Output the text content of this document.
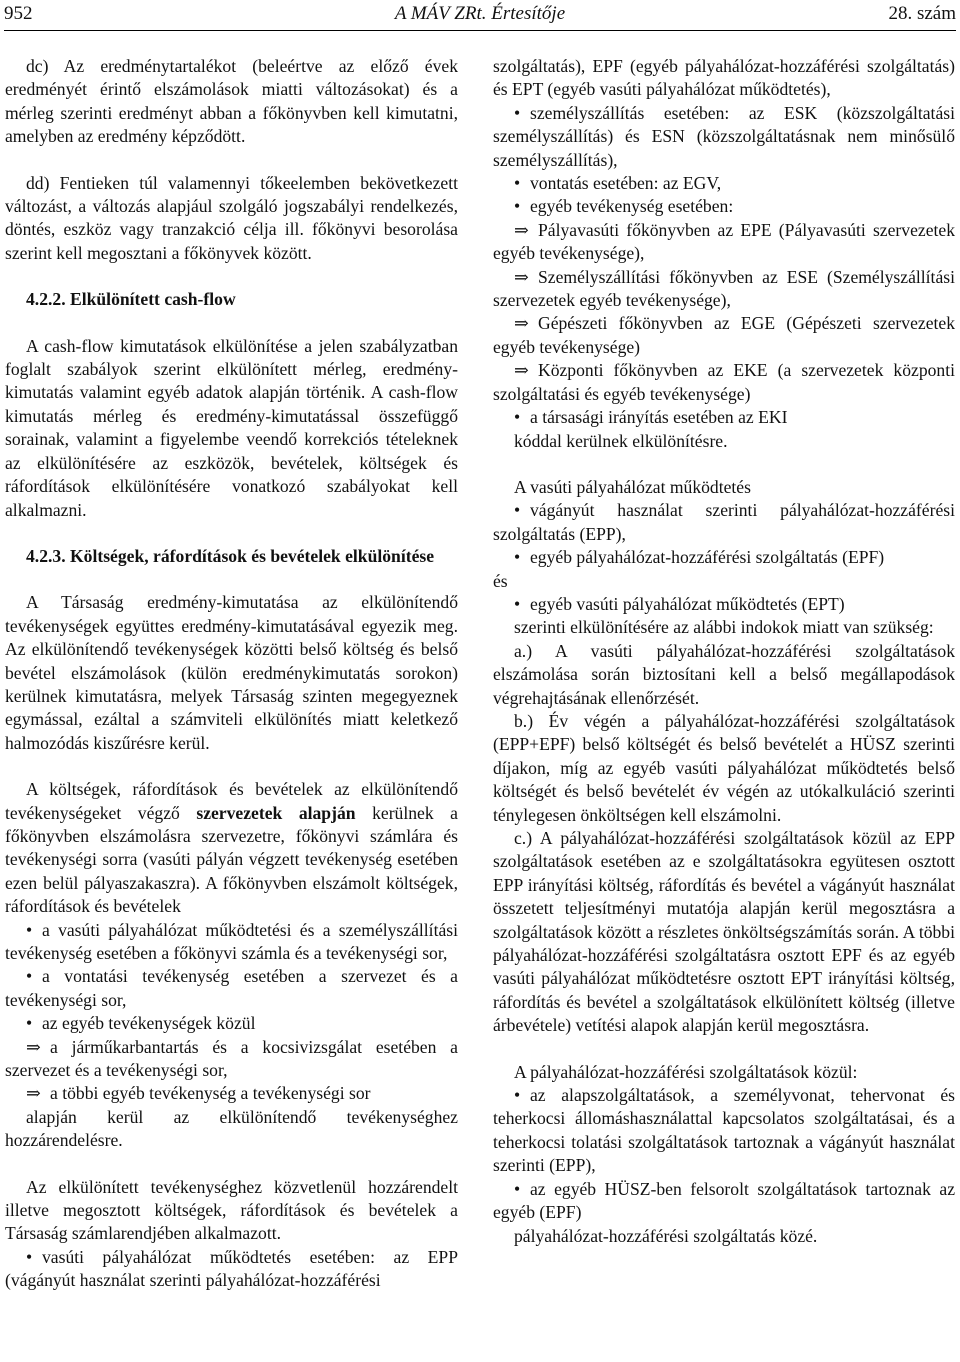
952	A MÁV ZRt. Értesítője	28. szám

dc) Az eredménytartalékot (beleértve az előző évek eredményét érintő elszámolások miatti változásokat) és a mérleg szerinti eredményt abban a főkönyvben kell kimutatni, amelyben az eredmény képződött.

dd) Fentieken túl valamennyi tőkeelemben bekövetkezett változást, a változás alapjául szolgáló jogszabályi rendelkezés, döntés, eszköz vagy tranzakció célja ill. főkönyvi besorolása szerint kell megosztani a főkönyvek között.

4.2.2. Elkülönített cash-flow

A cash-flow kimutatások elkülönítése a jelen szabályzatban foglalt szabályok szerint elkülönített mérleg, eredmény-kimutatás valamint egyéb adatok alapján történik. A cash-flow kimutatás mérleg és eredmény-kimutatással összefüggő sorainak, valamint a figyelembe veendő korrekciós tételeknek az elkülönítésére az eszközök, bevételek, költségek és ráfordítások elkülönítésére vonatkozó szabályokat kell alkalmazni.

4.2.3. Költségek, ráfordítások és bevételek elkülönítése

A Társaság eredmény-kimutatása az elkülönítendő tevékenységek együttes eredmény-kimutatásával egyezik meg. Az elkülönítendő tevékenységek közötti belső költség és belső bevétel elszámolások (külön eredménykimutatás sorokon) kerülnek kimutatásra, melyek Társaság szinten megegyeznek egymással, ezáltal a számviteli elkülönítés miatt keletkező halmozódás kiszűrésre kerül.

A költségek, ráfordítások és bevételek az elkülönítendő tevékenységeket végző szervezetek alapján kerülnek a főkönyvben elszámolásra szervezetre, főkönyvi számlára és tevékenységi sorra (vasúti pályán végzett tevékenység esetében ezen belül pályaszakaszra). A főkönyvben elszámolt költségek, ráfordítások és bevételek

• a vasúti pályahálózat működtetési és a személyszállítási tevékenység esetében a főkönyvi számla és a tevékenységi sor,

• a vontatási tevékenység esetében a szervezet és a tevékenységi sor,

• az egyéb tevékenységek közül

⇒ a járműkarbantartás és a kocsivizsgálat esetében a szervezet és a tevékenységi sor,

⇒ a többi egyéb tevékenység a tevékenységi sor

alapján kerül az elkülönítendő tevékenységhez hozzárendelésre.

Az elkülönített tevékenységhez közvetlenül hozzárendelt illetve megosztott költségek, ráfordítások és bevételek a Társaság számlarendjében alkalmazott.

• vasúti pályahálózat működtetés esetében: az EPP (vágányút használat szerinti pályahálózat-hozzáférési

szolgáltatás), EPF (egyéb pályahálózat-hozzáférési szolgáltatás) és EPT (egyéb vasúti pályahálózat működtetés),

• személyszállítás esetében: az ESK (közszolgáltatási személyszállítás) és ESN (közszolgáltatásnak nem minősülő személyszállítás),

• vontatás esetében: az EGV,

• egyéb tevékenység esetében:

⇒ Pályavasúti főkönyvben az EPE (Pályavasúti szervezetek egyéb tevékenysége),

⇒ Személyszállítási főkönyvben az ESE (Személyszállítási szervezetek egyéb tevékenysége),

⇒ Gépészeti főkönyvben az EGE (Gépészeti szervezetek egyéb tevékenysége)

⇒ Központi főkönyvben az EKE (a szervezetek központi szolgáltatási és egyéb tevékenysége)

• a társasági irányítás esetében az EKI

kóddal kerülnek elkülönítésre.

A vasúti pályahálózat működtetés

• vágányút használat szerinti pályahálózat-hozzáférési szolgáltatás (EPP),

• egyéb pályahálózat-hozzáférési szolgáltatás (EPF)

és

• egyéb vasúti pályahálózat működtetés (EPT)

szerinti elkülönítésére az alábbi indokok miatt van szükség:

a.) A vasúti pályahálózat-hozzáférési szolgáltatások elszámolása során biztosítani kell a belső megállapodások végrehajtásának ellenőrzését.

b.) Év végén a pályahálózat-hozzáférési szolgáltatások (EPP+EPF) belső költségét és belső bevételét a HÜSZ szerinti díjakon, míg az egyéb vasúti pályahálózat működtetés belső költségét és belső bevételét év végén az utókalkuláció szerinti ténylegesen önköltségen kell elszámolni.

c.) A pályahálózat-hozzáférési szolgáltatások közül az EPP szolgáltatások esetében az e szolgáltatásokra együtesen osztott EPP irányítási költség, ráfordítás és bevétel a vágányút használat összetett teljesítményi mutatója alapján kerül megosztásra a szolgáltatások között a részletes önköltségszámítás során. A többi pályahálózat-hozzáférési szolgáltatásra osztott EPF és az egyéb vasúti pályahálózat működtetésre osztott EPT irányítási költség, ráfordítás és bevétel a szolgáltatások elkülönített költség (illetve árbevétele) vetítési alapok alapján kerül megosztásra.

A pályahálózat-hozzáférési szolgáltatások közül:

• az alapszolgáltatások, a személyvonat, tehervonat és teherkocsi állomáshasználattal kapcsolatos szolgáltatásai, és a teherkocsi tolatási szolgáltatások tartoznak a vágányút használat szerinti (EPP),

• az egyéb HÜSZ-ben felsorolt szolgáltatások tartoznak az egyéb (EPF)

pályahálózat-hozzáférési szolgáltatás közé.
